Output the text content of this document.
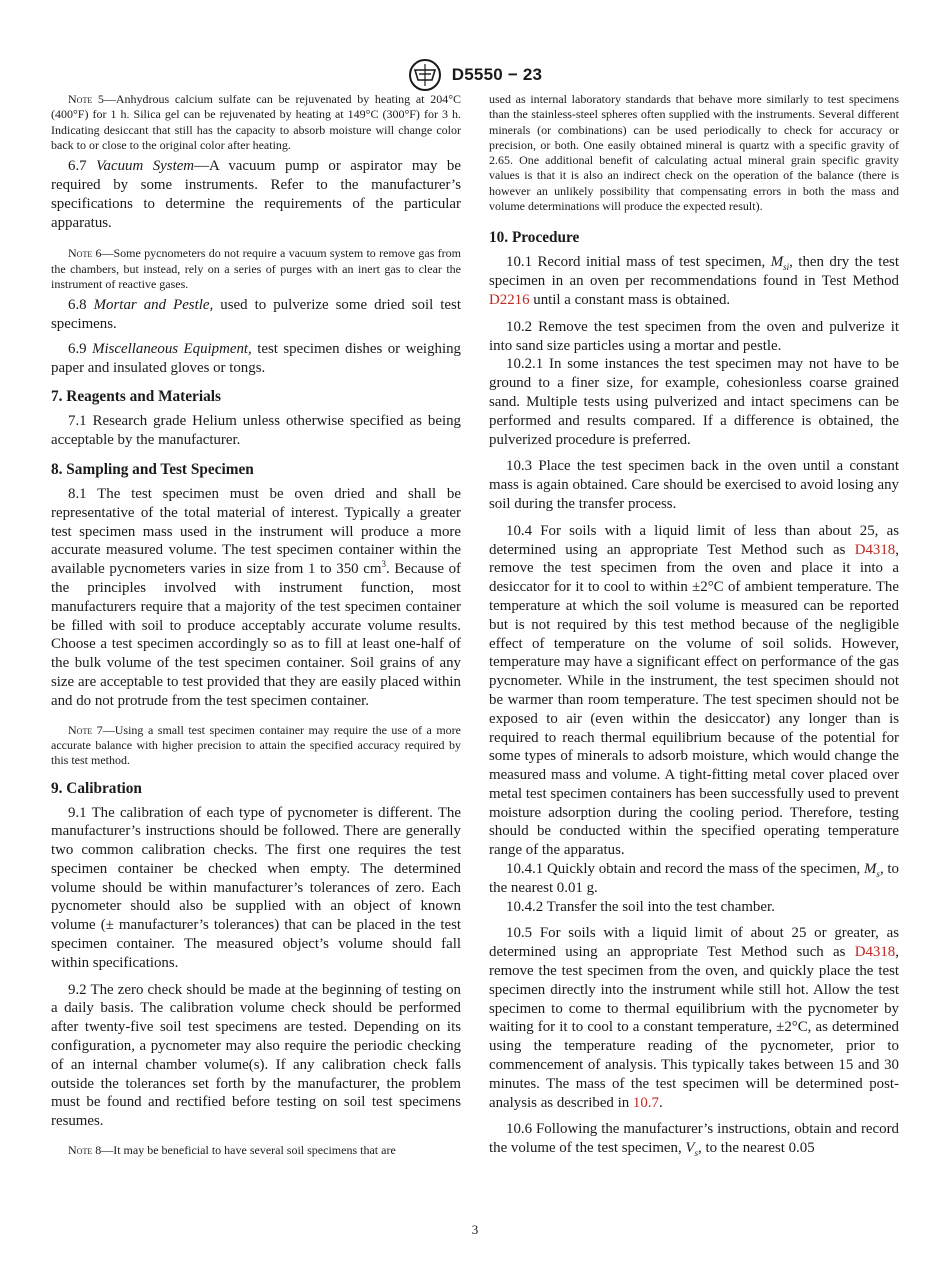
D5550 − 23

Note 5—Anhydrous calcium sulfate can be rejuvenated by heating at 204°C (400°F) for 1 h. Silica gel can be rejuvenated by heating at 149°C (300°F) for 3 h. Indicating desiccant that still has the capacity to absorb moisture will change color back to or close to the original color after heating.

6.7 Vacuum System—A vacuum pump or aspirator may be required by some instruments. Refer to the manufacturer’s specifications to determine the requirements of the particular apparatus.

Note 6—Some pycnometers do not require a vacuum system to remove gas from the chambers, but instead, rely on a series of purges with an inert gas to clear the instrument of reactive gases.

6.8 Mortar and Pestle, used to pulverize some dried soil test specimens.

6.9 Miscellaneous Equipment, test specimen dishes or weighing paper and insulated gloves or tongs.

7. Reagents and Materials

7.1 Research grade Helium unless otherwise specified as being acceptable by the manufacturer.

8. Sampling and Test Specimen

8.1 The test specimen must be oven dried and shall be representative of the total material of interest. Typically a greater test specimen mass used in the instrument will produce a more accurate measured volume. The test specimen container within the available pycnometers varies in size from 1 to 350 $cm^3$. Because of the principles involved with instrument function, most manufacturers require that a majority of the test specimen container be filled with soil to produce acceptably accurate volume results. Choose a test specimen accordingly so as to fill at least one-half of the bulk volume of the test specimen container. Soil grains of any size are acceptable to test provided that they are easily placed within and do not protrude from the test specimen container.

Note 7—Using a small test specimen container may require the use of a more accurate balance with higher precision to attain the specified accuracy required by this test method.

9. Calibration

9.1 The calibration of each type of pycnometer is different. The manufacturer’s instructions should be followed. There are generally two common calibration checks. The first one requires the test specimen container be checked when empty. The determined volume should be within manufacturer’s tolerances of zero. Each pycnometer should also be supplied with an object of known volume (± manufacturer’s tolerances) that can be placed in the test specimen container. The measured object’s volume should fall within specifications.

9.2 The zero check should be made at the beginning of testing on a daily basis. The calibration volume check should be performed after twenty-five soil test specimens are tested. Depending on its configuration, a pycnometer may also require the periodic checking of an internal chamber volume(s). If any calibration check falls outside the tolerances set forth by the manufacturer, the problem must be found and rectified before testing on soil test specimens resumes.

Note 8—It may be beneficial to have several soil specimens that are

used as internal laboratory standards that behave more similarly to test specimens than the stainless-steel spheres often supplied with the instruments. Several different minerals (or combinations) can be used periodically to check for accuracy or precision, or both. One easily obtained mineral is quartz with a specific gravity of 2.65. One additional benefit of calculating actual mineral grain specific gravity values is that it is also an indirect check on the operation of the balance (there is however an unlikely possibility that compensating errors in both the mass and volume determinations will produce the expected result).

10. Procedure

10.1 Record initial mass of test specimen, $M_{si}$, then dry the test specimen in an oven per recommendations found in Test Method D2216 until a constant mass is obtained.

10.2 Remove the test specimen from the oven and pulverize it into sand size particles using a mortar and pestle.

10.2.1 In some instances the test specimen may not have to be ground to a finer size, for example, cohesionless coarse grained sand. Multiple tests using pulverized and intact specimens can be performed and results compared. If a difference is obtained, the pulverized procedure is preferred.

10.3 Place the test specimen back in the oven until a constant mass is again obtained. Care should be exercised to avoid losing any soil during the transfer process.

10.4 For soils with a liquid limit of less than about 25, as determined using an appropriate Test Method such as D4318, remove the test specimen from the oven and place it into a desiccator for it to cool to within ±2°C of ambient temperature. The temperature at which the soil volume is measured can be reported but is not required by this test method because of the negligible effect of temperature on the volume of soil solids. However, temperature may have a significant effect on performance of the gas pycnometer. While in the instrument, the test specimen should not be warmer than room temperature. The test specimen should not be exposed to air (even within the desiccator) any longer than is required to reach thermal equilibrium because of the potential for some types of minerals to adsorb moisture, which would change the measured mass and volume. A tight-fitting metal cover placed over metal test specimen containers has been successfully used to prevent moisture adsorption during the cooling period. Therefore, testing should be conducted within the specified operating temperature range of the apparatus.

10.4.1 Quickly obtain and record the mass of the specimen, $M_s$, to the nearest 0.01 g.

10.4.2 Transfer the soil into the test chamber.

10.5 For soils with a liquid limit of about 25 or greater, as determined using an appropriate Test Method such as D4318, remove the test specimen from the oven, and quickly place the test specimen directly into the instrument while still hot. Allow the test specimen to come to thermal equilibrium with the pycnometer by waiting for it to cool to a constant temperature, ±2°C, as determined using the temperature reading of the pycnometer, prior to commencement of analysis. This typically takes between 15 and 30 minutes. The mass of the test specimen will be determined post-analysis as described in 10.7.

10.6 Following the manufacturer’s instructions, obtain and record the volume of the test specimen, $V_s$, to the nearest 0.05

3
